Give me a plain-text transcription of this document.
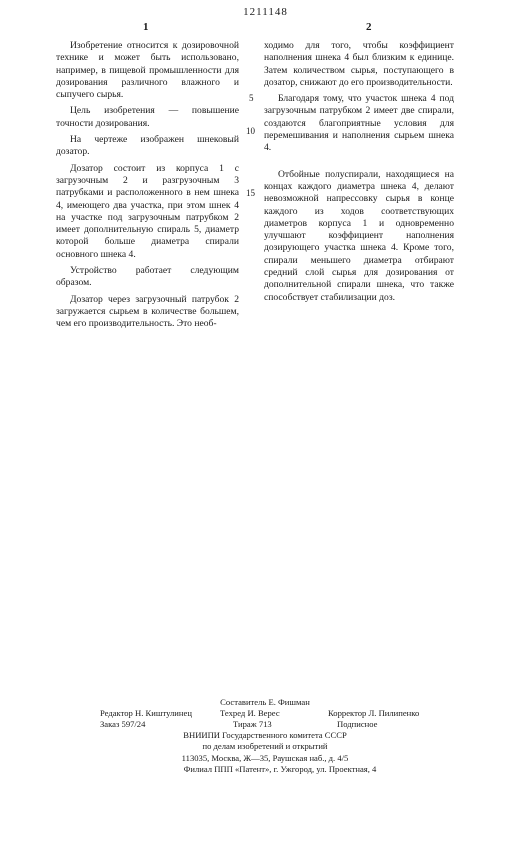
1211148
1	2

Изобретение относится к дозировочной технике и может быть использовано, например, в пищевой промышленности для дозирования различного влажного и сыпучего сырья.

Цель изобретения — повышение точности дозирования.

На чертеже изображен шнековый дозатор.

Дозатор состоит из корпуса 1 с загрузочным 2 и разгрузочным 3 патрубками и расположенного в нем шнека 4, имеющего два участка, при этом шнек 4 на участке под загрузочным патрубком 2 имеет дополнительную спираль 5, диаметр которой больше диаметра спирали основного шнека 4.

Устройство работает следующим образом.

Дозатор через загрузочный патрубок 2 загружается сырьем в количестве большем, чем его производительность. Это необ-

5
10
15

ходимо для того, чтобы коэффициент наполнения шнека 4 был близким к единице. Затем количеством сырья, поступающего в дозатор, снижают до его производительности.

Благодаря тому, что участок шнека 4 под загрузочным патрубком 2 имеет две спирали, создаются благоприятные условия для перемешивания и наполнения сырьем шнека 4.

Отбойные полуспирали, находящиеся на концах каждого диаметра шнека 4, делают невозможной напрессовку сырья в конце каждого из ходов соответствующих диаметров корпуса 1 и одновременно улучшают коэффициент наполнения дозирующего участка шнека 4. Кроме того, спирали меньшего диаметра отбирают средний слой сырья для дозирования от дополнительной спирали шнека, что также способствует стабилизации доз.

Составитель Е. Фишман
Редактор Н. Киштулинец	Техред И. Верес	Корректор Л. Пилипенко
Заказ 597/24	Тираж 713	Подписное
ВНИИПИ Государственного комитета СССР
по делам изобретений и открытий
113035, Москва, Ж—35, Раушская наб., д. 4/5
Филиал ППП «Патент», г. Ужгород, ул. Проектная, 4
